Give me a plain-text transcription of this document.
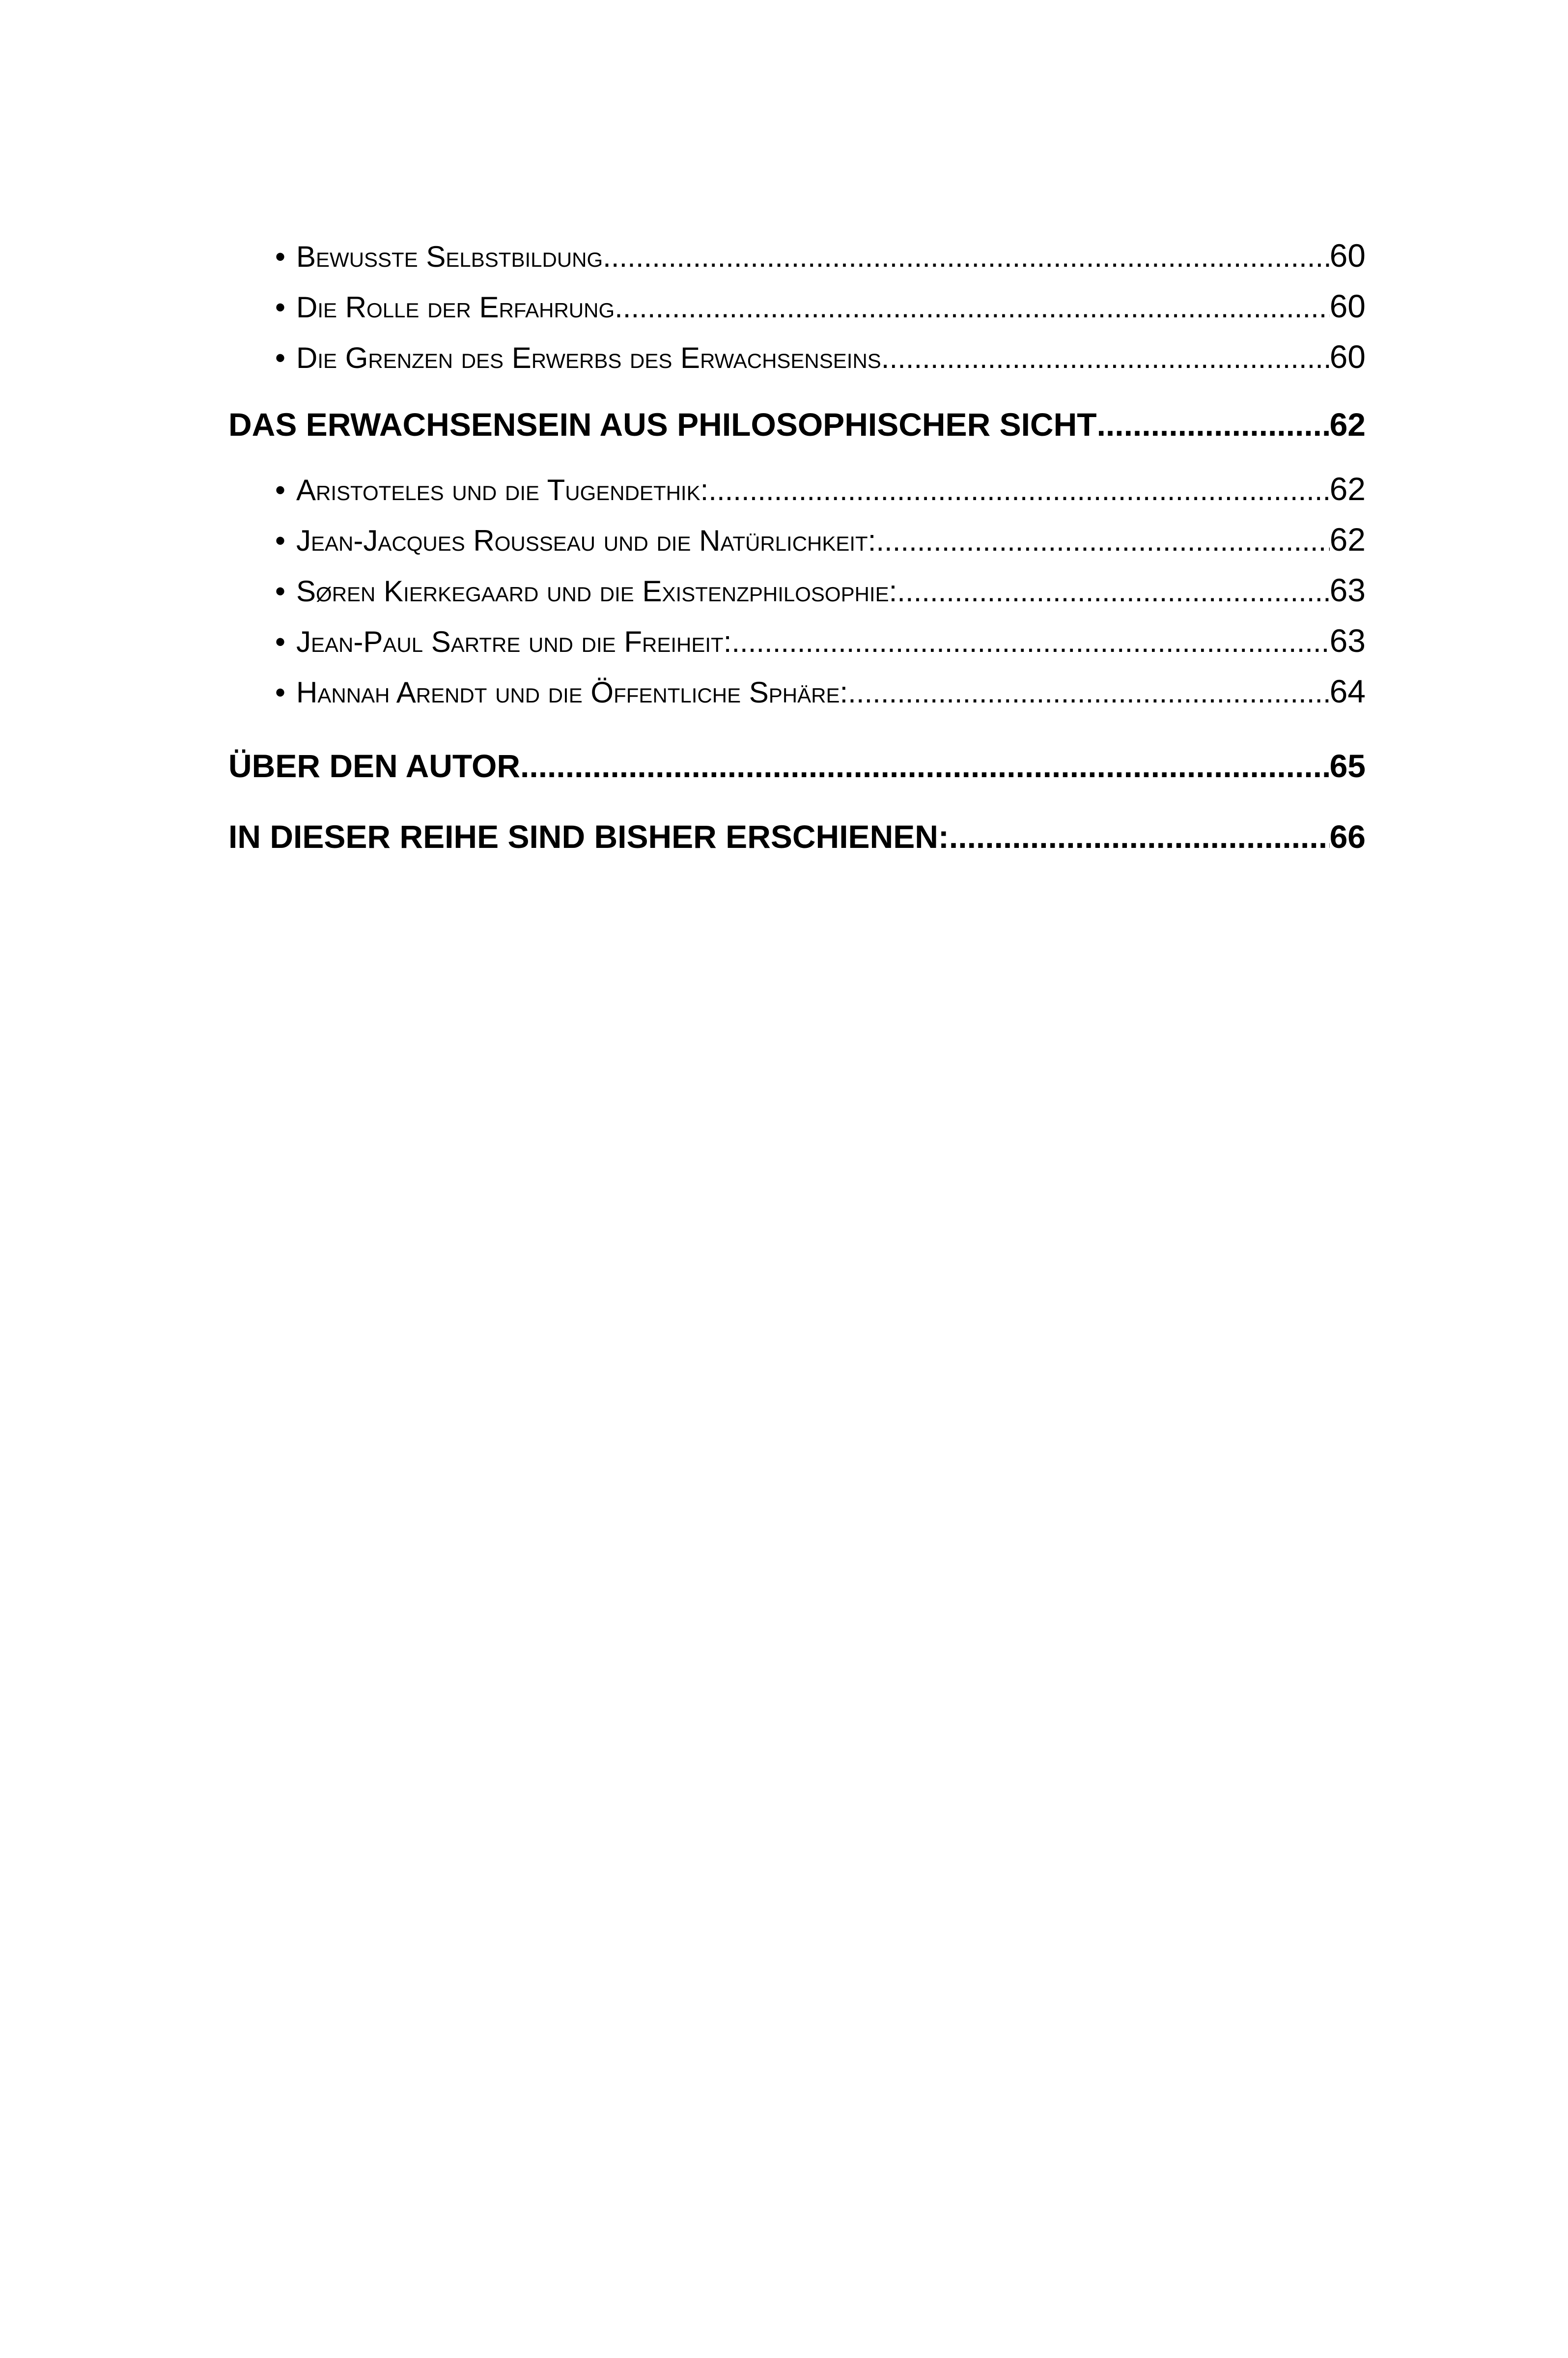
• Bewusste Selbstbildung .....	60
• Die Rolle der Erfahrung .....	60
• Die Grenzen des Erwerbs des Erwachsenseins .....	60
DAS ERWACHSENSEIN AUS PHILOSOPHISCHER SICHT .....	62
• Aristoteles und die Tugendethik: .....	62
• Jean-Jacques Rousseau und die Natürlichkeit: .....	62
• Søren Kierkegaard und die Existenzphilosophie: .....	63
• Jean-Paul Sartre und die Freiheit: .....	63
• Hannah Arendt und die Öffentliche Sphäre: .....	64
ÜBER DEN AUTOR .....	65
IN DIESER REIHE SIND BISHER ERSCHIENEN: .....	66
